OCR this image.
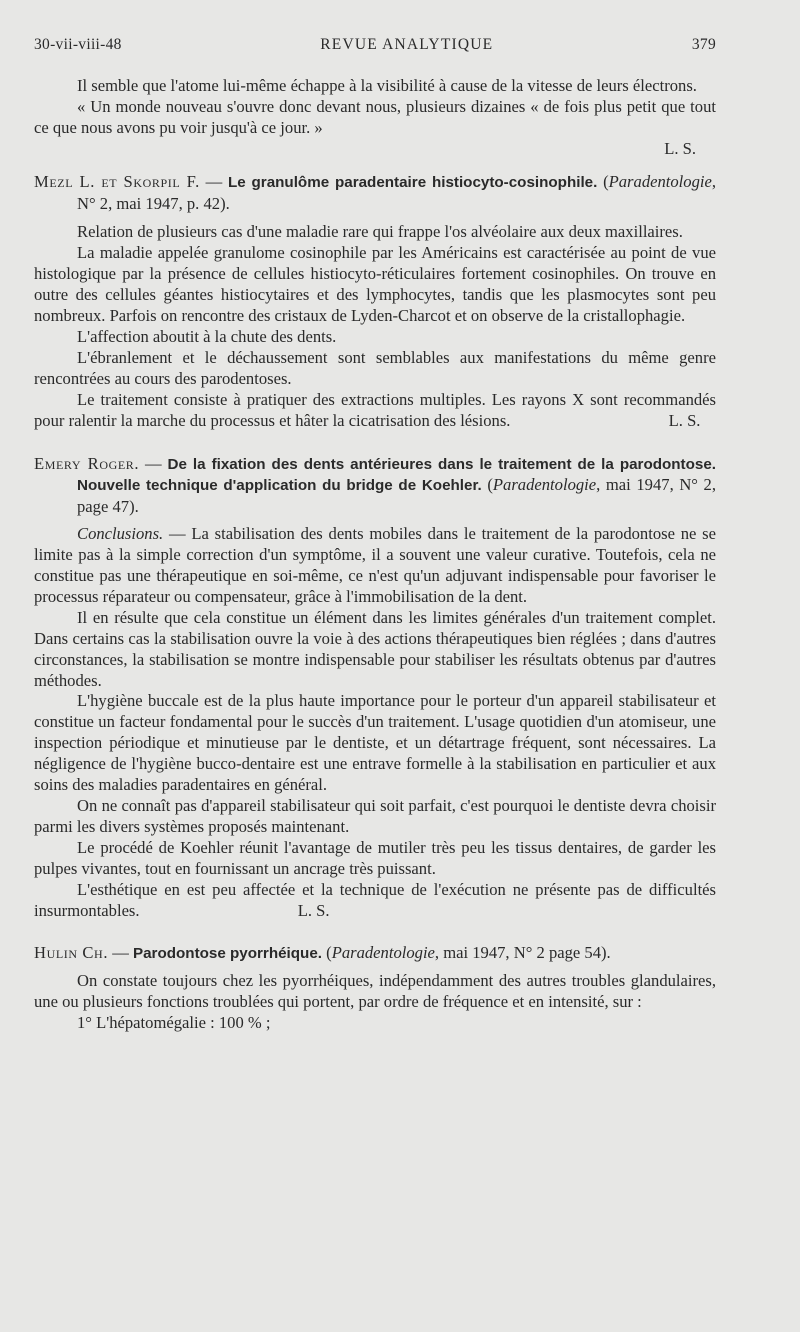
30-vii-viii-48	REVUE ANALYTIQUE	379

Il semble que l'atome lui-même échappe à la visibilité à cause de la vitesse de leurs électrons.

« Un monde nouveau s'ouvre donc devant nous, plusieurs dizaines « de fois plus petit que tout ce que nous avons pu voir jusqu'à ce jour. »

L. S.

Mezl L. et Skorpil F. — Le granulôme paradentaire histiocyto-cosinophile. (Paradentologie, N° 2, mai 1947, p. 42).

Relation de plusieurs cas d'une maladie rare qui frappe l'os alvéolaire aux deux maxillaires.

La maladie appelée granulome cosinophile par les Américains est caractérisée au point de vue histologique par la présence de cellules histiocyto-réticulaires fortement cosinophiles. On trouve en outre des cellules géantes histiocytaires et des lymphocytes, tandis que les plasmocytes sont peu nombreux. Parfois on rencontre des cristaux de Lyden-Charcot et on observe de la cristallophagie.

L'affection aboutit à la chute des dents.

L'ébranlement et le déchaussement sont semblables aux manifestations du même genre rencontrées au cours des parodentoses.

Le traitement consiste à pratiquer des extractions multiples. Les rayons X sont recommandés pour ralentir la marche du processus et hâter la cicatrisation des lésions.	L. S.

Emery Roger. — De la fixation des dents antérieures dans le traitement de la parodontose. Nouvelle technique d'application du bridge de Koehler. (Paradentologie, mai 1947, N° 2, page 47).

Conclusions. — La stabilisation des dents mobiles dans le traitement de la parodontose ne se limite pas à la simple correction d'un symptôme, il a souvent une valeur curative. Toutefois, cela ne constitue pas une thérapeutique en soi-même, ce n'est qu'un adjuvant indispensable pour favoriser le processus réparateur ou compensateur, grâce à l'immobilisation de la dent.

Il en résulte que cela constitue un élément dans les limites générales d'un traitement complet. Dans certains cas la stabilisation ouvre la voie à des actions thérapeutiques bien réglées ; dans d'autres circonstances, la stabilisation se montre indispensable pour stabiliser les résultats obtenus par d'autres méthodes.

L'hygiène buccale est de la plus haute importance pour le porteur d'un appareil stabilisateur et constitue un facteur fondamental pour le succès d'un traitement. L'usage quotidien d'un atomiseur, une inspection périodique et minutieuse par le dentiste, et un détartrage fréquent, sont nécessaires. La négligence de l'hygiène bucco-dentaire est une entrave formelle à la stabilisation en particulier et aux soins des maladies paradentaires en général.

On ne connaît pas d'appareil stabilisateur qui soit parfait, c'est pourquoi le dentiste devra choisir parmi les divers systèmes proposés maintenant.

Le procédé de Koehler réunit l'avantage de mutiler très peu les tissus dentaires, de garder les pulpes vivantes, tout en fournissant un ancrage très puissant.

L'esthétique en est peu affectée et la technique de l'exécution ne présente pas de difficultés insurmontables.	L. S.

Hulin Ch. — Parodontose pyorrhéique. (Paradentologie, mai 1947, N° 2 page 54).

On constate toujours chez les pyorrhéiques, indépendamment des autres troubles glandulaires, une ou plusieurs fonctions troublées qui portent, par ordre de fréquence et en intensité, sur :

1° L'hépatomégalie : 100 % ;
